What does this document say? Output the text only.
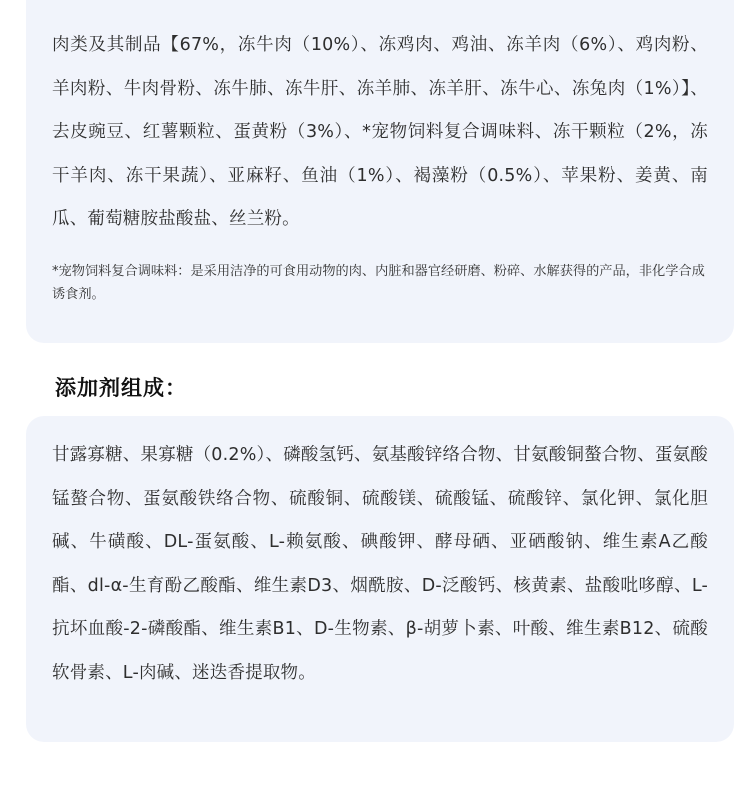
肉类及其制品【67%，冻牛肉（10%）、冻鸡肉、鸡油、冻羊肉（6%）、鸡肉粉、羊肉粉、牛肉骨粉、冻牛肺、冻牛肝、冻羊肺、冻羊肝、冻牛心、冻兔肉（1%）】、去皮豌豆、红薯颗粒、蛋黄粉（3%）、*宠物饲料复合调味料、冻干颗粒（2%，冻干羊肉、冻干果蔬）、亚麻籽、鱼油（1%）、褐藻粉（0.5%）、苹果粉、姜黄、南瓜、葡萄糖胺盐酸盐、丝兰粉。

*宠物饲料复合调味料：是采用洁净的可食用动物的肉、内脏和器官经研磨、粉碎、水解获得的产品，非化学合成诱食剂。

添加剂组成：

甘露寡糖、果寡糖（0.2%）、磷酸氢钙、氨基酸锌络合物、甘氨酸铜螯合物、蛋氨酸锰螯合物、蛋氨酸铁络合物、硫酸铜、硫酸镁、硫酸锰、硫酸锌、氯化钾、氯化胆碱、牛磺酸、DL-蛋氨酸、L-赖氨酸、碘酸钾、酵母硒、亚硒酸钠、维生素A乙酸酯、dl-α-生育酚乙酸酯、维生素D3、烟酰胺、D-泛酸钙、核黄素、盐酸吡哆醇、L-抗坏血酸-2-磷酸酯、维生素B1、D-生物素、β-胡萝卜素、叶酸、维生素B12、硫酸软骨素、L-肉碱、迷迭香提取物。
